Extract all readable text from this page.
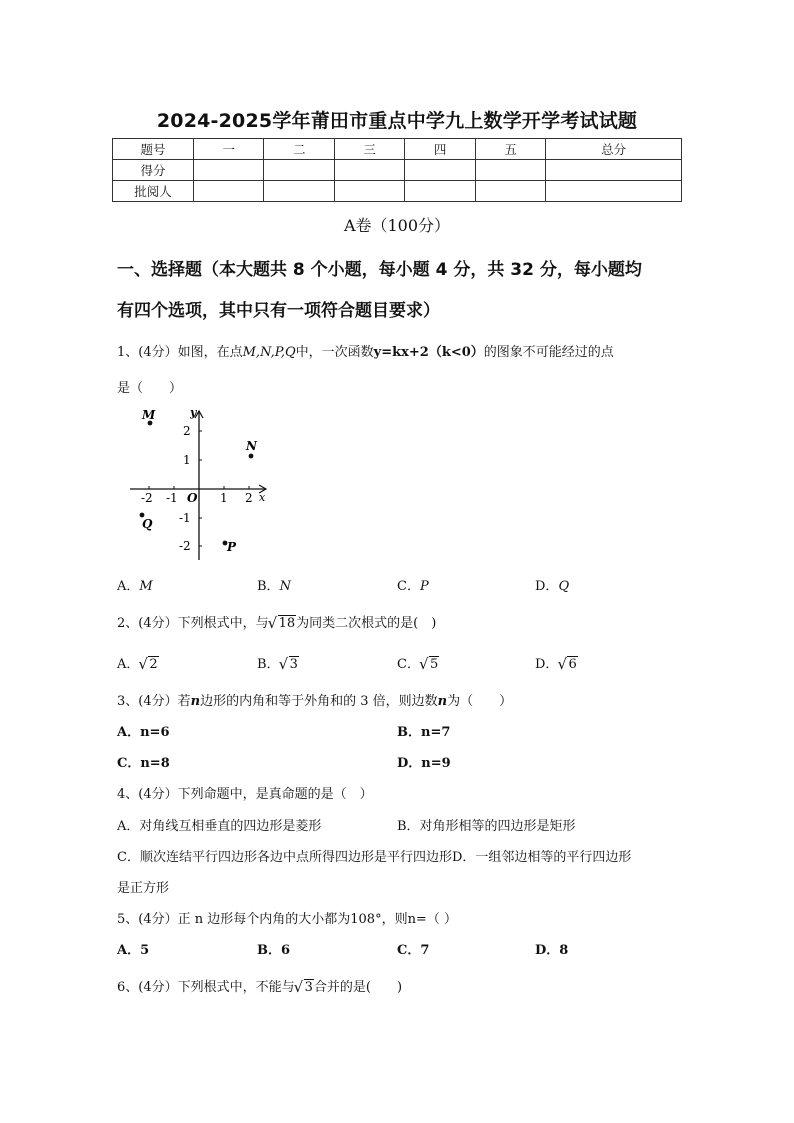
2024-2025学年莆田市重点中学九上数学开学考试试题
题号	一	二	三	四	五	总分
得分						
批阅人						
A卷（100分）
一、选择题（本大题共 8 个小题，每小题 4 分，共 32 分，每小题均
有四个选项，其中只有一项符合题目要求）
1、(4分）如图，在点M,N,P,Q中，一次函数y=kx+2（k<0）的图象不可能经过的点
是（　　）
y
x
-2 -1 O 1 2
2
1
-1
-2
M
N
Q
P
A．M	B．N	C．P	D．Q
2、(4分）下列根式中，与 √ 18为同类二次根式的是(　)
A． √ 2	B． √ 3	C． √ 5	D． √ 6
3、(4分）若n边形的内角和等于外角和的 3 倍，则边数n为（　　）
A．n=6	B．n=7
C．n=8	D．n=9
4、(4分）下列命题中，是真命题的是（　）
A．对角线互相垂直的四边形是菱形	B．对角形相等的四边形是矩形
C．顺次连结平行四边形各边中点所得四边形是平行四边形D．一组邻边相等的平行四边形
是正方形
5、(4分）正 n 边形每个内角的大小都为108°，则n=（ ）
A．5	B．6	C．7	D．8
6、(4分）下列根式中，不能与 √ 3合并的是(　　)
